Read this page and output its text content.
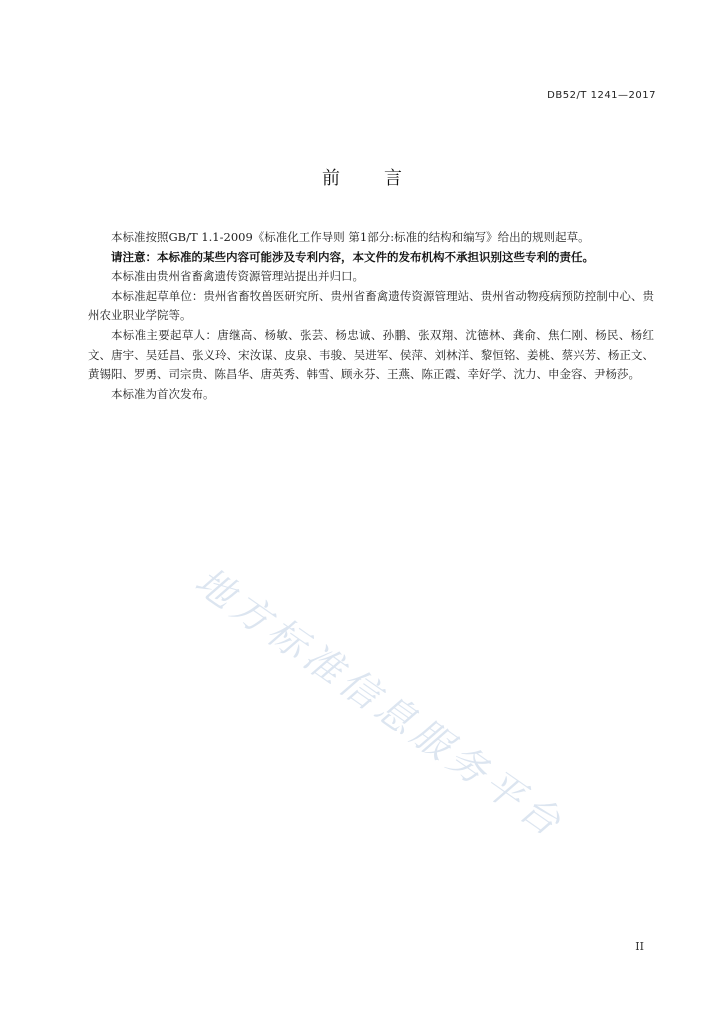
DB52/T 1241—2017
前言

本标准按照GB/T 1.1-2009《标准化工作导则 第1部分:标准的结构和编写》给出的规则起草。

请注意：本标准的某些内容可能涉及专利内容，本文件的发布机构不承担识别这些专利的责任。

本标准由贵州省畜禽遗传资源管理站提出并归口。

本标准起草单位：贵州省畜牧兽医研究所、贵州省畜禽遗传资源管理站、贵州省动物疫病预防控制中心、贵州农业职业学院等。

本标准主要起草人：唐继高、杨敏、张芸、杨忠诚、孙鹏、张双翔、沈德林、龚俞、焦仁刚、杨民、杨红文、唐宇、吴廷昌、张义玲、宋汝谋、皮泉、韦骏、吴进军、侯萍、刘林洋、黎恒铭、姜桃、蔡兴芳、杨正文、黄锡阳、罗勇、司宗贵、陈昌华、唐英秀、韩雪、顾永芬、王燕、陈正霞、幸好学、沈力、申金容、尹杨莎。

本标准为首次发布。

地方标准信息服务平台
II
